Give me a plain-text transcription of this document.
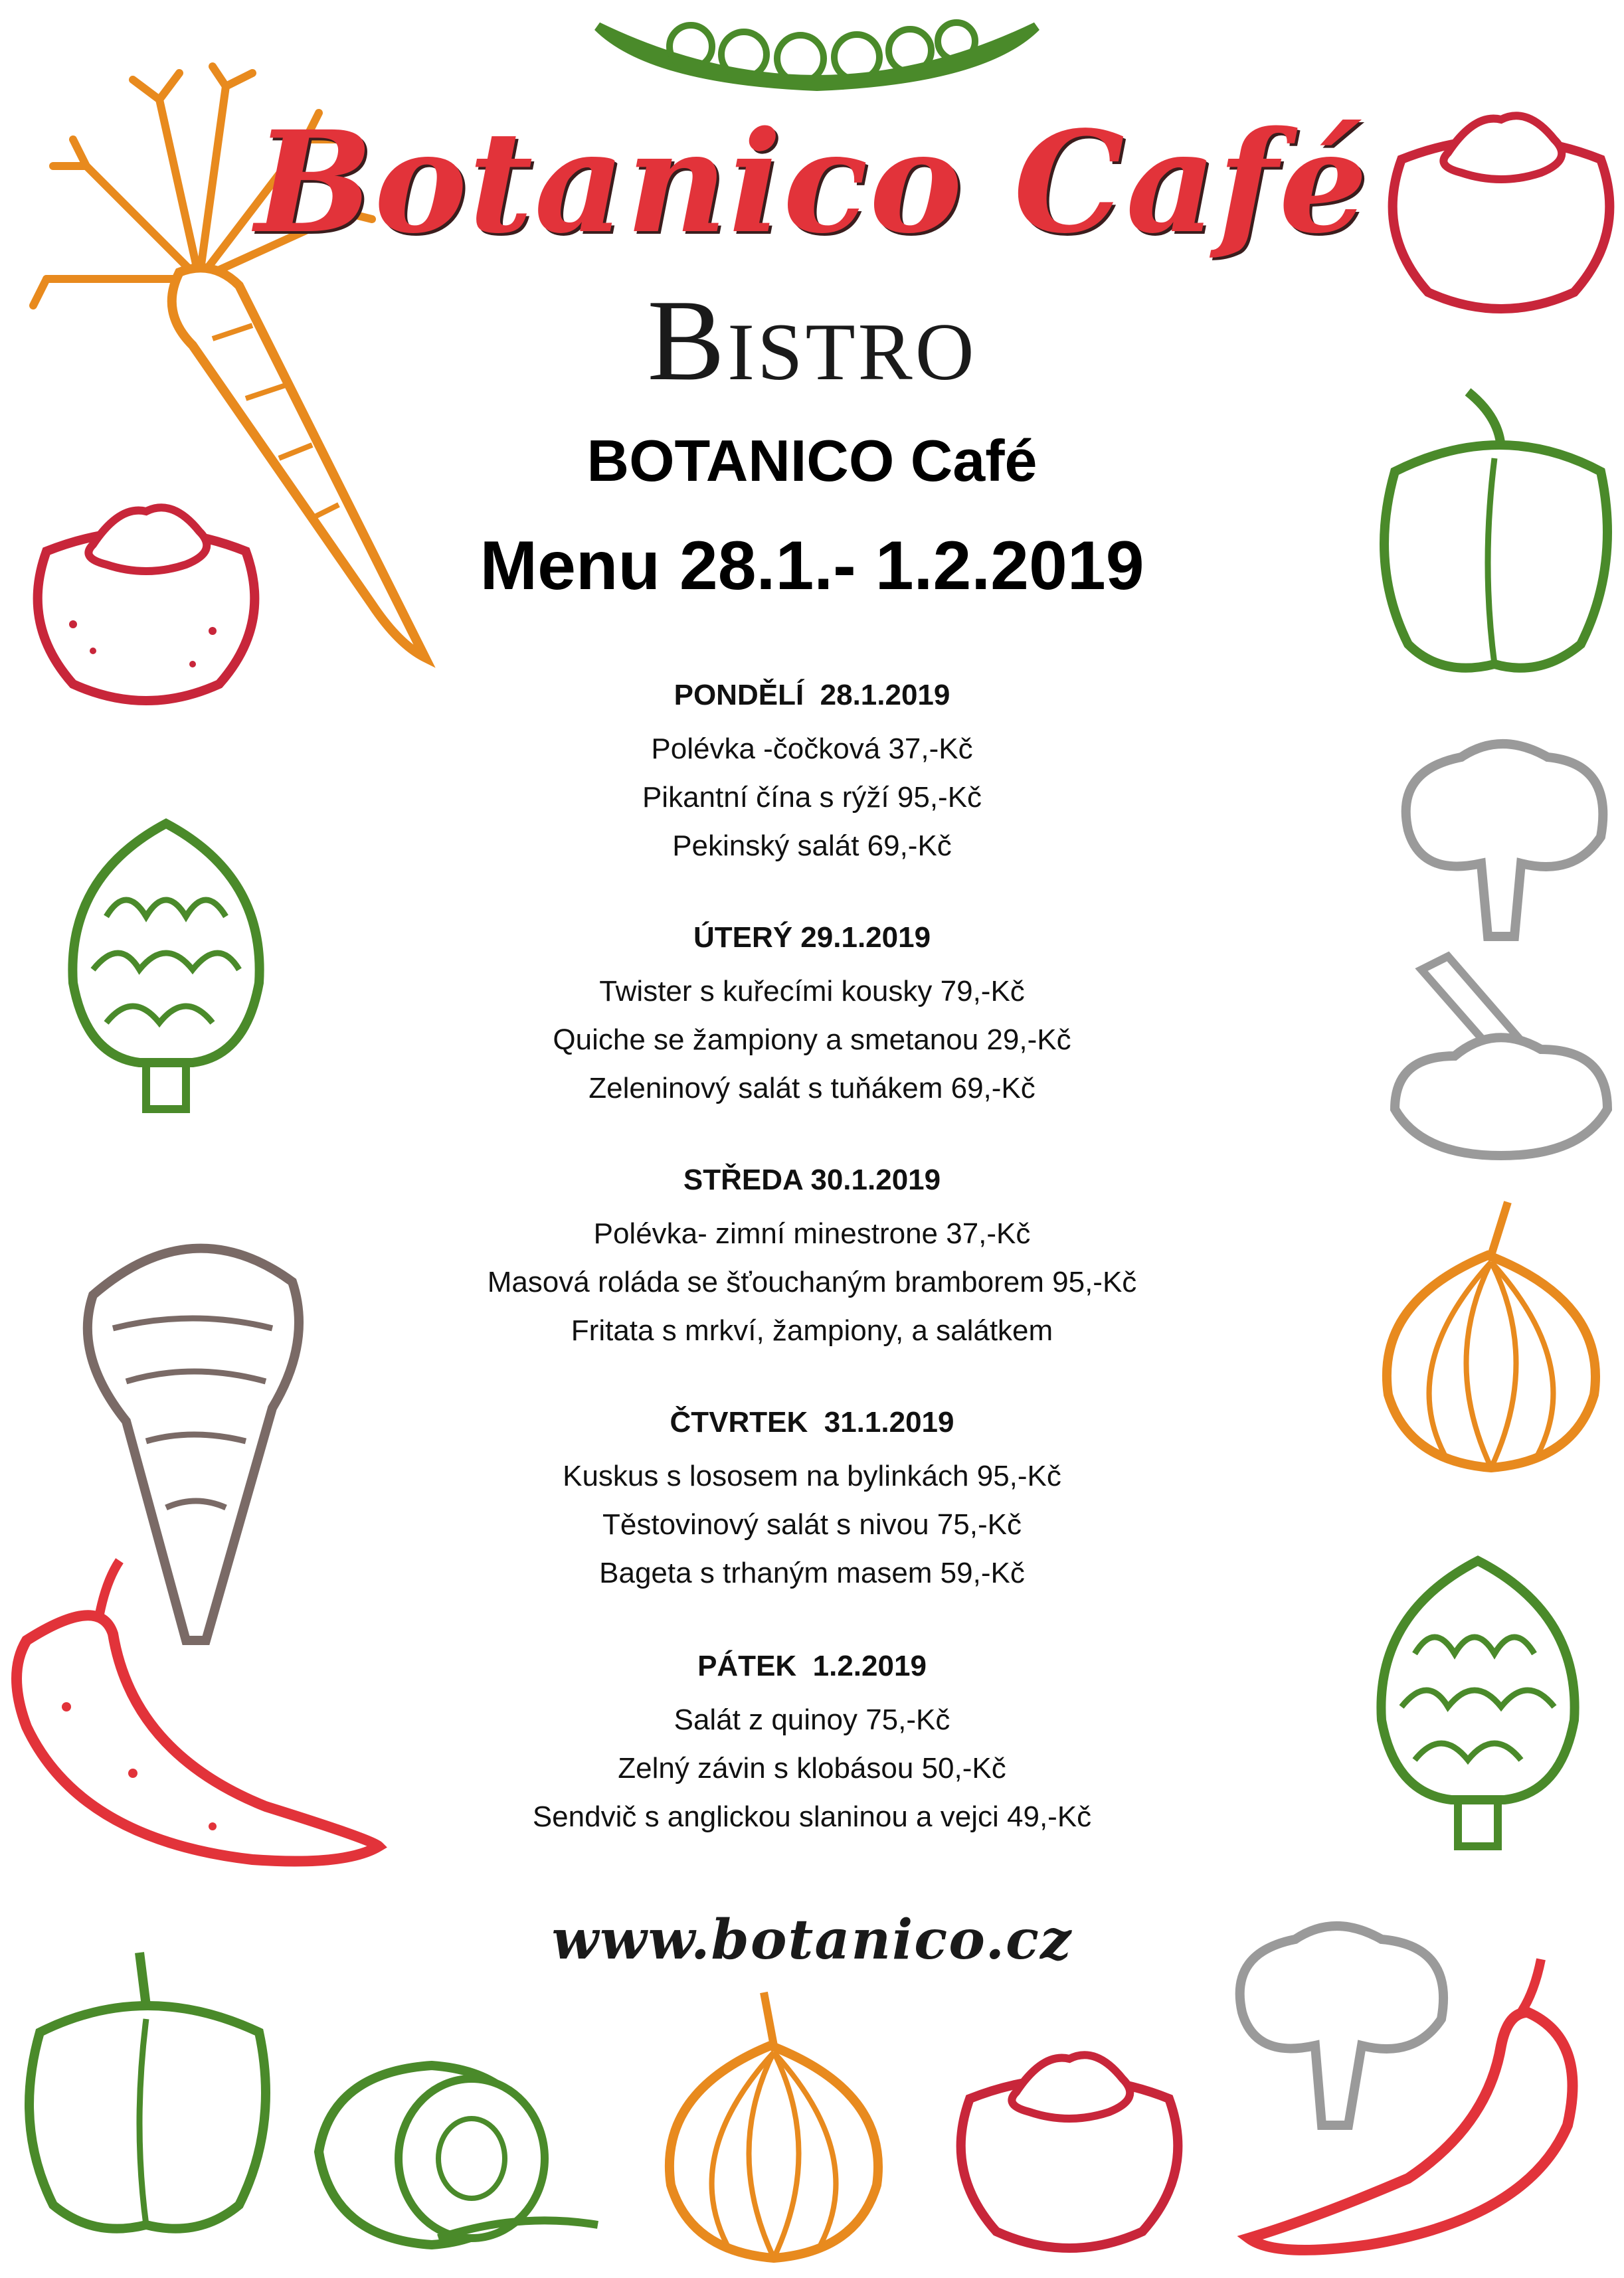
Botanico Café
Bistro
BOTANICO Café
Menu 28.1.- 1.2.2019
PONDĚLÍ  28.1.2019
Polévka -čočková 37,-Kč
Pikantní čína s rýží 95,-Kč
Pekinský salát 69,-Kč
ÚTERÝ 29.1.2019
Twister s kuřecími kousky 79,-Kč
Quiche se žampiony a smetanou 29,-Kč
Zeleninový salát s tuňákem 69,-Kč
STŘEDA 30.1.2019
Polévka- zimní minestrone 37,-Kč
Masová roláda se šťouchaným bramborem 95,-Kč
Fritata s mrkví, žampiony, a salátkem
ČTVRTEK  31.1.2019
Kuskus s lososem na bylinkách 95,-Kč
Těstovinový salát s nivou 75,-Kč
Bageta s trhaným masem 59,-Kč
PÁTEK  1.2.2019
Salát z quinoy 75,-Kč
Zelný závin s klobásou 50,-Kč
Sendvič s anglickou slaninou a vejci 49,-Kč
www.botanico.cz
